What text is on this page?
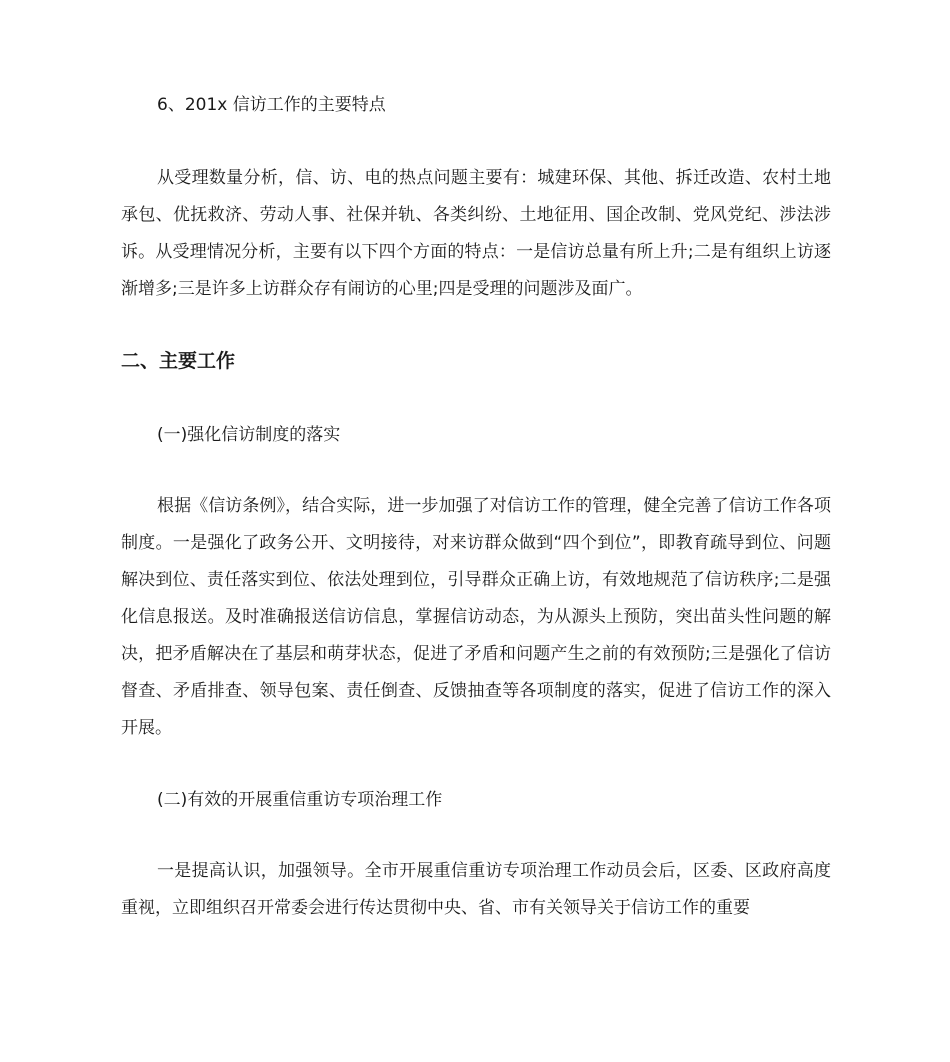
6、201x 信访工作的主要特点

从受理数量分析，信、访、电的热点问题主要有：城建环保、其他、拆迁改造、农村土地承包、优抚救济、劳动人事、社保并轨、各类纠纷、土地征用、国企改制、党风党纪、涉法涉诉。从受理情况分析，主要有以下四个方面的特点：一是信访总量有所上升;二是有组织上访逐渐增多;三是许多上访群众存有闹访的心里;四是受理的问题涉及面广。

二、主要工作

(一)强化信访制度的落实

根据《信访条例》，结合实际，进一步加强了对信访工作的管理，健全完善了信访工作各项制度。一是强化了政务公开、文明接待，对来访群众做到“四个到位”，即教育疏导到位、问题解决到位、责任落实到位、依法处理到位，引导群众正确上访，有效地规范了信访秩序;二是强化信息报送。及时准确报送信访信息，掌握信访动态，为从源头上预防，突出苗头性问题的解决，把矛盾解决在了基层和萌芽状态，促进了矛盾和问题产生之前的有效预防;三是强化了信访督查、矛盾排查、领导包案、责任倒查、反馈抽查等各项制度的落实，促进了信访工作的深入开展。

(二)有效的开展重信重访专项治理工作

一是提高认识，加强领导。全市开展重信重访专项治理工作动员会后，区委、区政府高度重视，立即组织召开常委会进行传达贯彻中央、省、市有关领导关于信访工作的重要
